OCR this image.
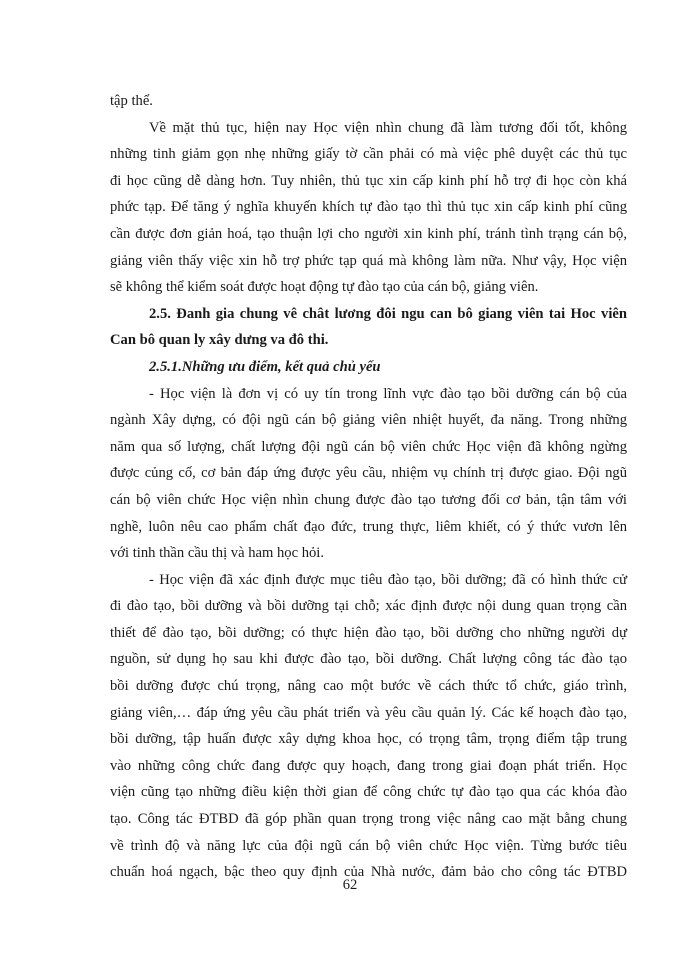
tập thể.
Về mặt thủ tục, hiện nay Học viện nhìn chung đã làm tương đối tốt, không
những tinh giảm gọn nhẹ những giấy tờ cần phải có mà việc phê duyệt các thủ tục
đi học cũng dễ dàng hơn. Tuy nhiên, thủ tục xin cấp kinh phí hỗ trợ đi học còn khá
phức tạp. Để tăng ý nghĩa khuyến khích tự đào tạo thì thủ tục xin cấp kinh phí cũng
cần được đơn giản hoá, tạo thuận lợi cho người xin kinh phí, tránh tình trạng cán bộ,
giảng viên thấy việc xin hỗ trợ phức tạp quá mà không làm nữa. Như vậy, Học viện
sẽ không thể kiểm soát được hoạt động tự đào tạo của cán bộ, giảng viên.
2.5. Đanh gia chung vê chât lương đôi ngu can bô giang viên tai Hoc viên
Can bô quan ly xây dưng va đô thi.
2.5.1.Những ưu điểm, kết quả chủ yếu
- Học viện là đơn vị có uy tín trong lĩnh vực đào tạo bồi dưỡng cán bộ của
ngành Xây dựng, có đội ngũ cán bộ giảng viên nhiệt huyết, đa năng. Trong những
năm qua số lượng, chất lượng đội ngũ cán bộ viên chức Học viện đã không ngừng
được củng cố, cơ bản đáp ứng được yêu cầu, nhiệm vụ chính trị được giao. Đội ngũ
cán bộ viên chức Học viện nhìn chung được đào tạo tương đối cơ bản, tận tâm với
nghề, luôn nêu cao phẩm chất đạo đức, trung thực, liêm khiết, có ý thức vươn lên
với tinh thần cầu thị và ham học hỏi.
- Học viện đã xác định được mục tiêu đào tạo, bồi dưỡng; đã có hình thức cử
đi đào tạo, bồi dưỡng và bồi dưỡng tại chỗ; xác định được nội dung quan trọng cần
thiết để đào tạo, bồi dưỡng; có thực hiện đào tạo, bồi dưỡng cho những người dự
nguồn, sử dụng họ sau khi được đào tạo, bồi dưỡng. Chất lượng công tác đào tạo
bồi dưỡng được chú trọng, nâng cao một bước về cách thức tổ chức, giáo trình,
giảng viên,… đáp ứng yêu cầu phát triển và yêu cầu quản lý. Các kế hoạch đào tạo,
bồi dưỡng, tập huấn được xây dựng khoa học, có trọng tâm, trọng điểm tập trung
vào những công chức đang được quy hoạch, đang trong giai đoạn phát triển. Học
viện cũng tạo những điều kiện thời gian để công chức tự đào tạo qua các khóa đào
tạo. Công tác ĐTBD đã góp phần quan trọng trong việc nâng cao mặt bằng chung
về trình độ và năng lực của đội ngũ cán bộ viên chức Học viện. Từng bước tiêu
chuẩn hoá ngạch, bậc theo quy định của Nhà nước, đảm bảo cho công tác ĐTBD
62
